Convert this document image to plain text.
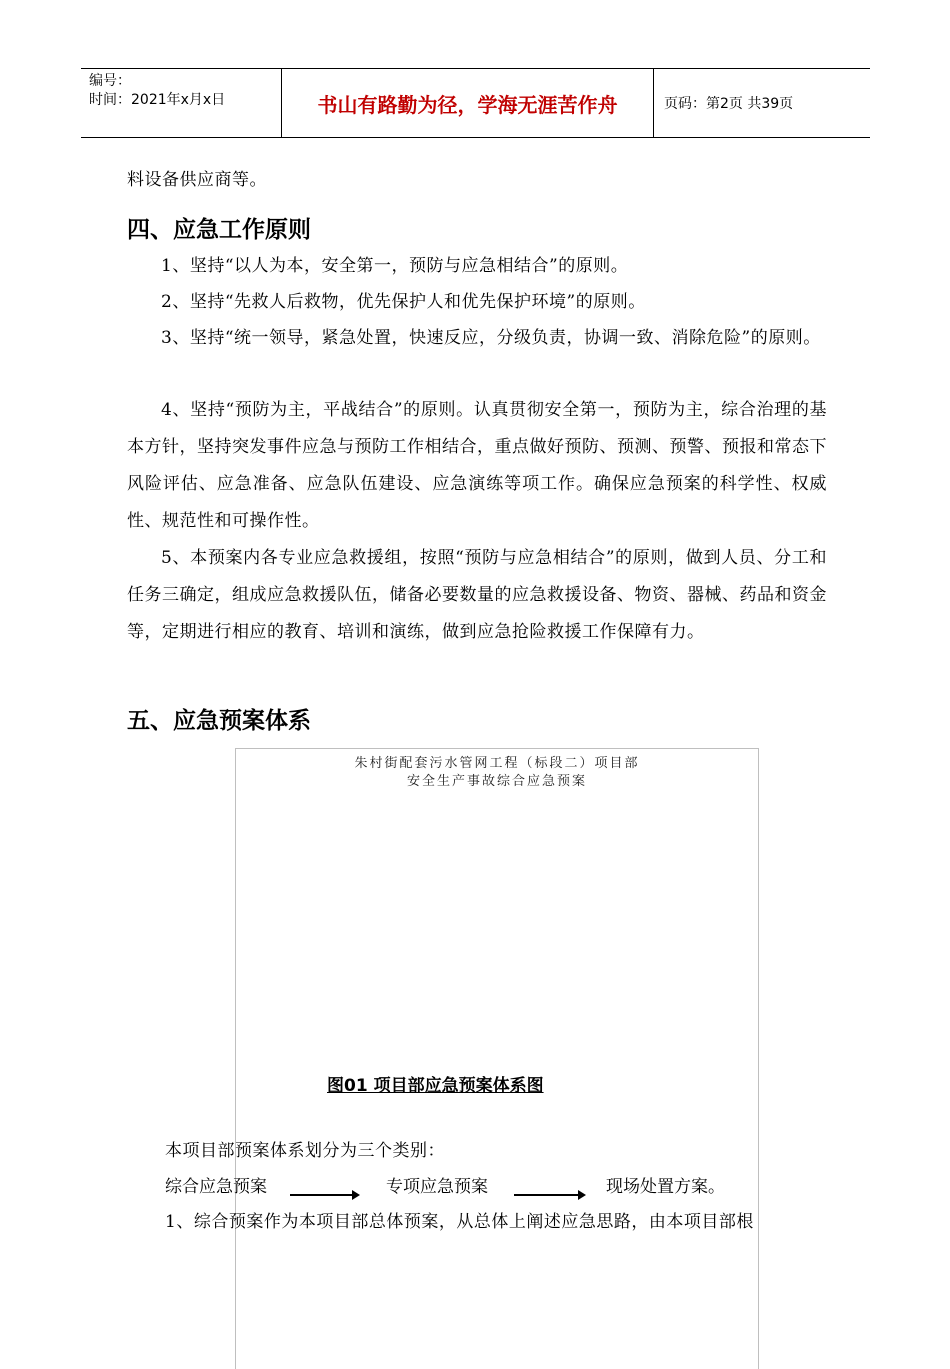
编号：
时间：2021年x月x日	书山有路勤为径，学海无涯苦作舟	页码：第2页 共39页
料设备供应商等。
四、应急工作原则
1、坚持“以人为本，安全第一，预防与应急相结合”的原则。
2、坚持“先救人后救物，优先保护人和优先保护环境”的原则。
3、坚持“统一领导，紧急处置，快速反应，分级负责，协调一致、消除危险”的原则。
4、坚持“预防为主，平战结合”的原则。认真贯彻安全第一，预防为主，综合治理的基本方针，坚持突发事件应急与预防工作相结合，重点做好预防、预测、预警、预报和常态下风险评估、应急准备、应急队伍建设、应急演练等项工作。确保应急预案的科学性、权威性、规范性和可操作性。
5、本预案内各专业应急救援组，按照“预防与应急相结合”的原则，做到人员、分工和任务三确定，组成应急救援队伍，储备必要数量的应急救援设备、物资、器械、药品和资金等，定期进行相应的教育、培训和演练，做到应急抢险救援工作保障有力。
五、应急预案体系
朱村街配套污水管网工程（标段二）项目部
安全生产事故综合应急预案
图01 项目部应急预案体系图
本项目部预案体系划分为三个类别：
综合应急预案	专项应急预案	现场处置方案。
1、综合预案作为本项目部总体预案，从总体上阐述应急思路，由本项目部根
